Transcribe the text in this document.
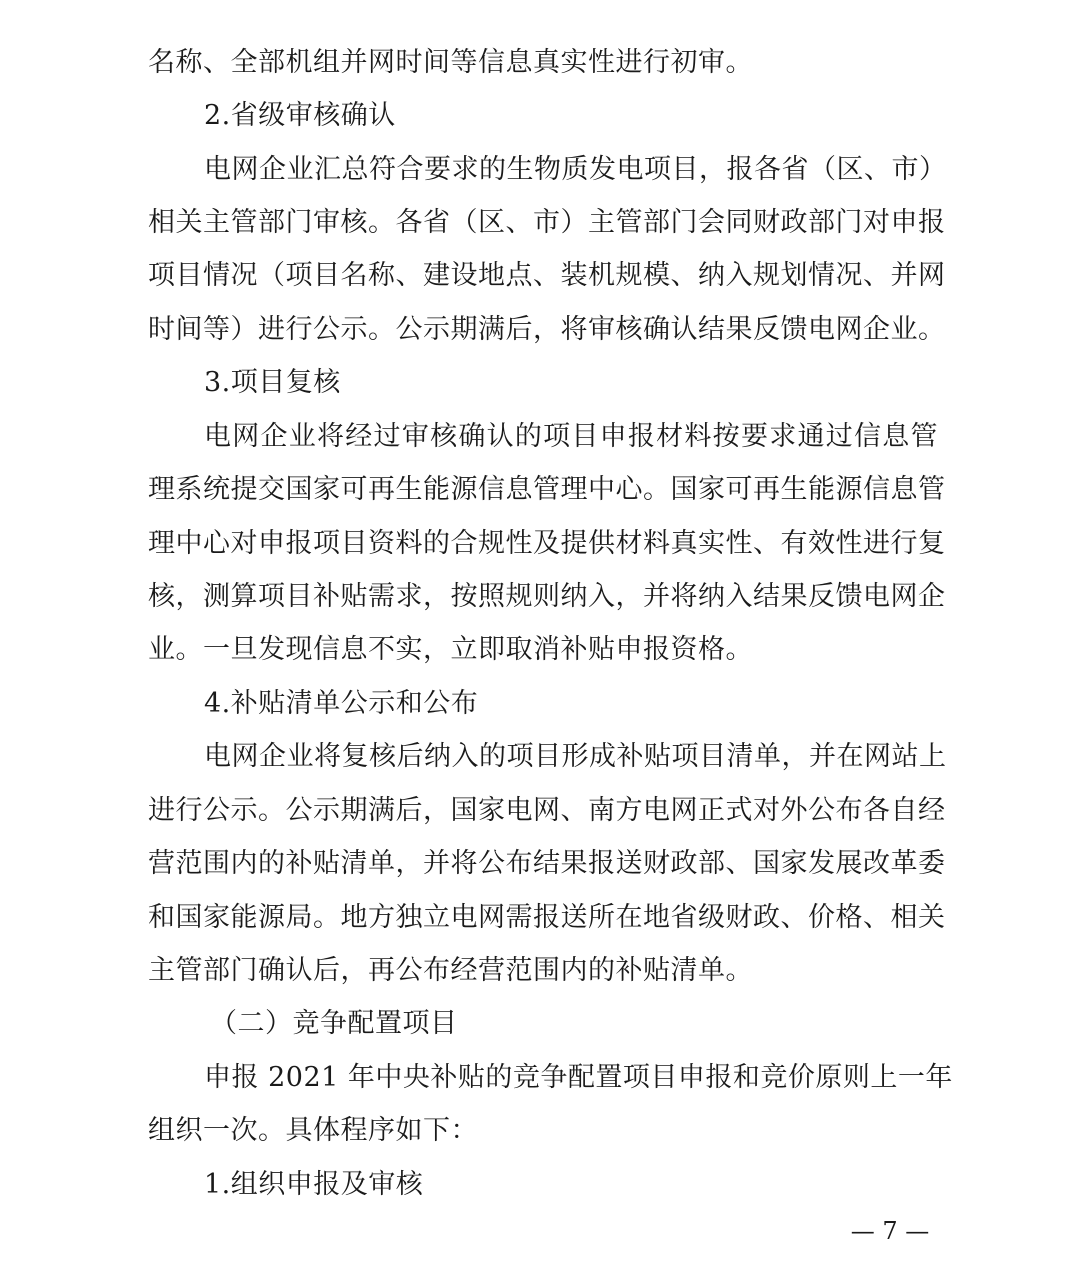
名称、全部机组并网时间等信息真实性进行初审。
2.省级审核确认
电网企业汇总符合要求的生物质发电项目，报各省（区、市）
相关主管部门审核。各省（区、市）主管部门会同财政部门对申报
项目情况（项目名称、建设地点、装机规模、纳入规划情况、并网
时间等）进行公示。公示期满后，将审核确认结果反馈电网企业。
3.项目复核
电网企业将经过审核确认的项目申报材料按要求通过信息管
理系统提交国家可再生能源信息管理中心。国家可再生能源信息管
理中心对申报项目资料的合规性及提供材料真实性、有效性进行复
核，测算项目补贴需求，按照规则纳入，并将纳入结果反馈电网企
业。一旦发现信息不实，立即取消补贴申报资格。
4.补贴清单公示和公布
电网企业将复核后纳入的项目形成补贴项目清单，并在网站上
进行公示。公示期满后，国家电网、南方电网正式对外公布各自经
营范围内的补贴清单，并将公布结果报送财政部、国家发展改革委
和国家能源局。地方独立电网需报送所在地省级财政、价格、相关
主管部门确认后，再公布经营范围内的补贴清单。
（二）竞争配置项目
申报 2021 年中央补贴的竞争配置项目申报和竞价原则上一年
组织一次。具体程序如下：
1.组织申报及审核
— 7 —
